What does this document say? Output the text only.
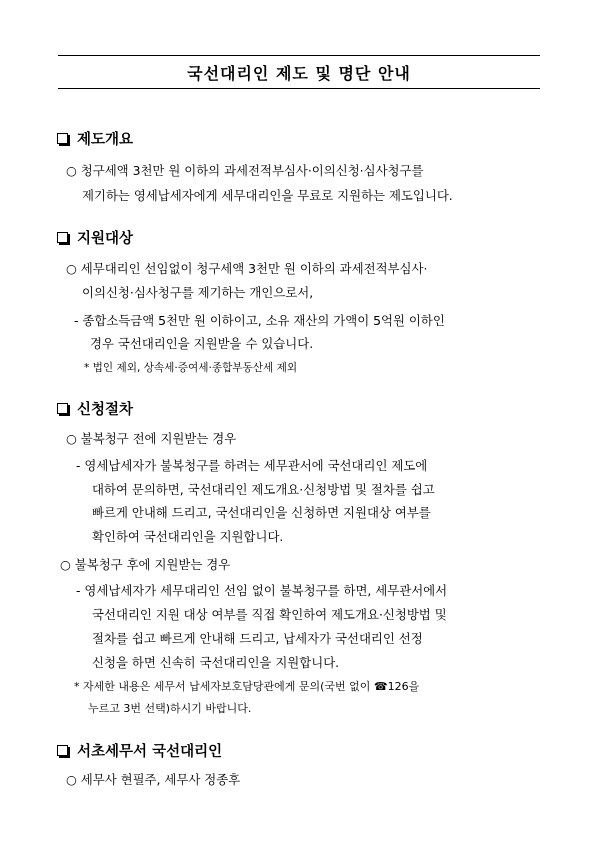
국선대리인 제도 및 명단 안내
제도개요
○ 청구세액 3천만 원 이하의 과세전적부심사·이의신청·심사청구를
제기하는 영세납세자에게 세무대리인을 무료로 지원하는 제도입니다.
지원대상
○ 세무대리인 선임없이 청구세액 3천만 원 이하의 과세전적부심사·
이의신청·심사청구를 제기하는 개인으로서,
- 종합소득금액 5천만 원 이하이고, 소유 재산의 가액이 5억원 이하인
경우 국선대리인을 지원받을 수 있습니다.
* 법인 제외, 상속세·증여세·종합부동산세 제외
신청절차
○ 불복청구 전에 지원받는 경우
- 영세납세자가 불복청구를 하려는 세무관서에 국선대리인 제도에
대하여 문의하면, 국선대리인 제도개요·신청방법 및 절차를 쉽고
빠르게 안내해 드리고, 국선대리인을 신청하면 지원대상 여부를
확인하여 국선대리인을 지원합니다.
○ 불복청구 후에 지원받는 경우
- 영세납세자가 세무대리인 선임 없이 불복청구를 하면, 세무관서에서
국선대리인 지원 대상 여부를 직접 확인하여 제도개요·신청방법 및
절차를 쉽고 빠르게 안내해 드리고, 납세자가 국선대리인 선정
신청을 하면 신속히 국선대리인을 지원합니다.
* 자세한 내용은 세무서 납세자보호담당관에게 문의(국번 없이 ☎126을
누르고 3번 선택)하시기 바랍니다.
서초세무서 국선대리인
○ 세무사 현필주, 세무사 정종후
